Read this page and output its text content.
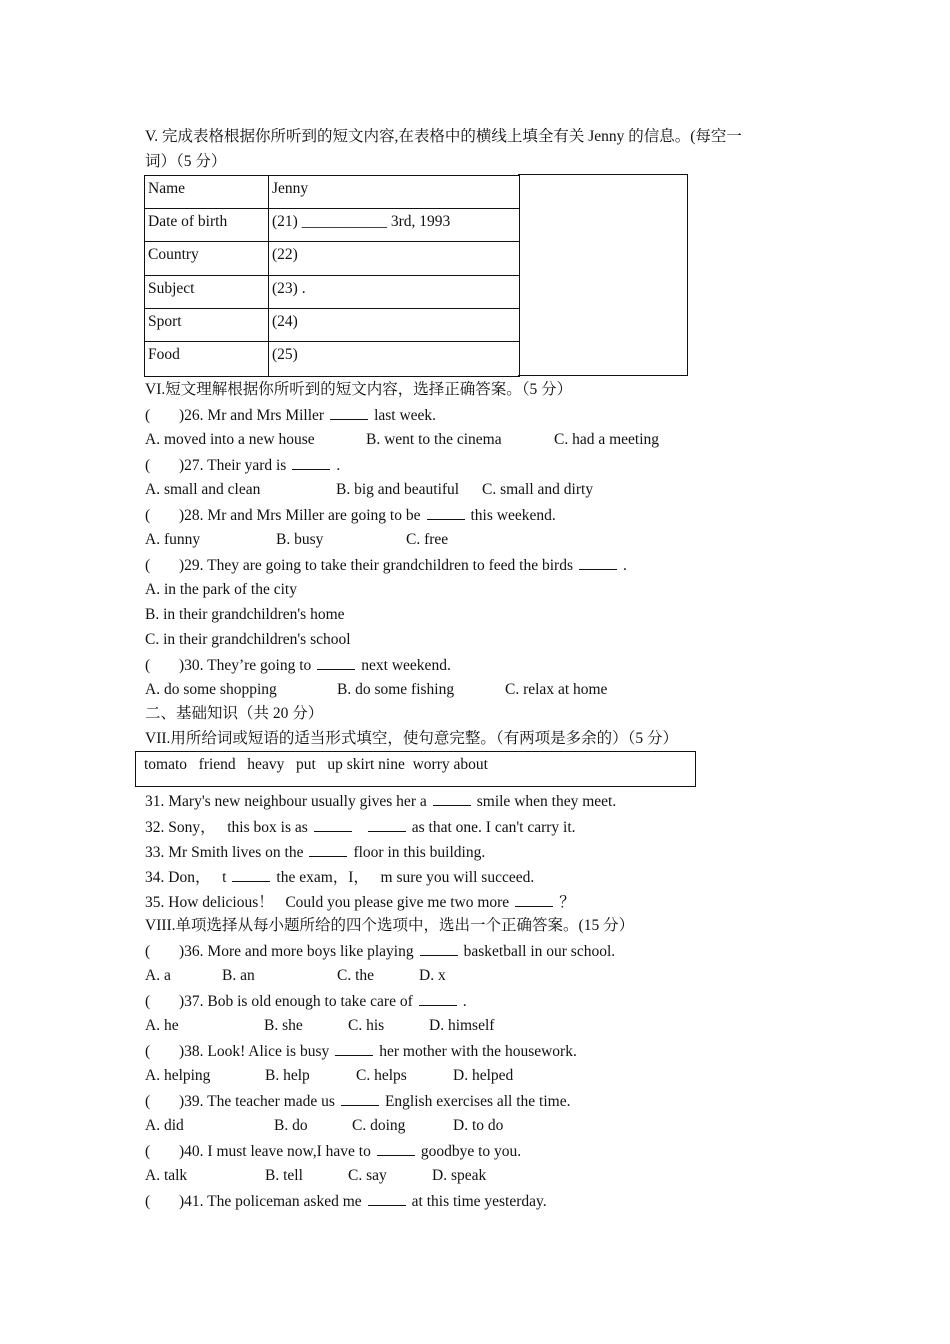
V. 完成表格根据你所听到的短文内容,在表格中的横线上填全有关 Jenny 的信息。(每空一
词）（5 分）
Name	Jenny
Date of birth	(21) ___________ 3rd, 1993
Country	(22)
Subject	(23) .
Sport	(24)
Food	(25)
VI.短文理解根据你所听到的短文内容，选择正确答案。（5 分）
( )26. Mr and Mrs Miller	last week.
A. moved into a new house	B. went to the cinema	C. had a meeting
( )27. Their yard is	.
A. small and clean	B. big and beautiful C. small and dirty
( )28. Mr and Mrs Miller are going to be	this weekend.
A. funny	B. busy	C. free
( )29. They are going to take their grandchildren to feed the birds	.
A. in the park of the city
B. in their grandchildren's home
C. in their grandchildren's school
( )30. They’re going to	next weekend.
A. do some shopping	B. do some fishing	C. relax at home
二、基础知识（共 20 分）
VII.用所给词或短语的适当形式填空，使句意完整。（有两项是多余的）（5 分）
tomato   friend   heavy   put   up skirt nine  worry about
31. Mary's new neighbour usually gives her a	smile when they meet.
32. Sony，   this box is as	as that one. I can't carry it.
33. Mr Smith lives on the	floor in this building.
34. Don，   t	the exam，I，   m sure you will succeed.
35. How delicious！   Could you please give me two more	？
VIII.单项选择从每小题所给的四个选项中，选出一个正确答案。(15 分）
( )36. More and more boys like playing	basketball in our school.
A. a	B. an	C. the	D. x
( )37. Bob is old enough to take care of	.
A. he	B. she	C. his	D. himself
( )38. Look! Alice is busy	her mother with the housework.
A. helping	B. help	C. helps	D. helped
( )39. The teacher made us	English exercises all the time.
A. did	B. do	C. doing	D. to do
( )40. I must leave now,I have to	goodbye to you.
A. talk	B. tell	C. say	D. speak
( )41. The policeman asked me	at this time yesterday.
